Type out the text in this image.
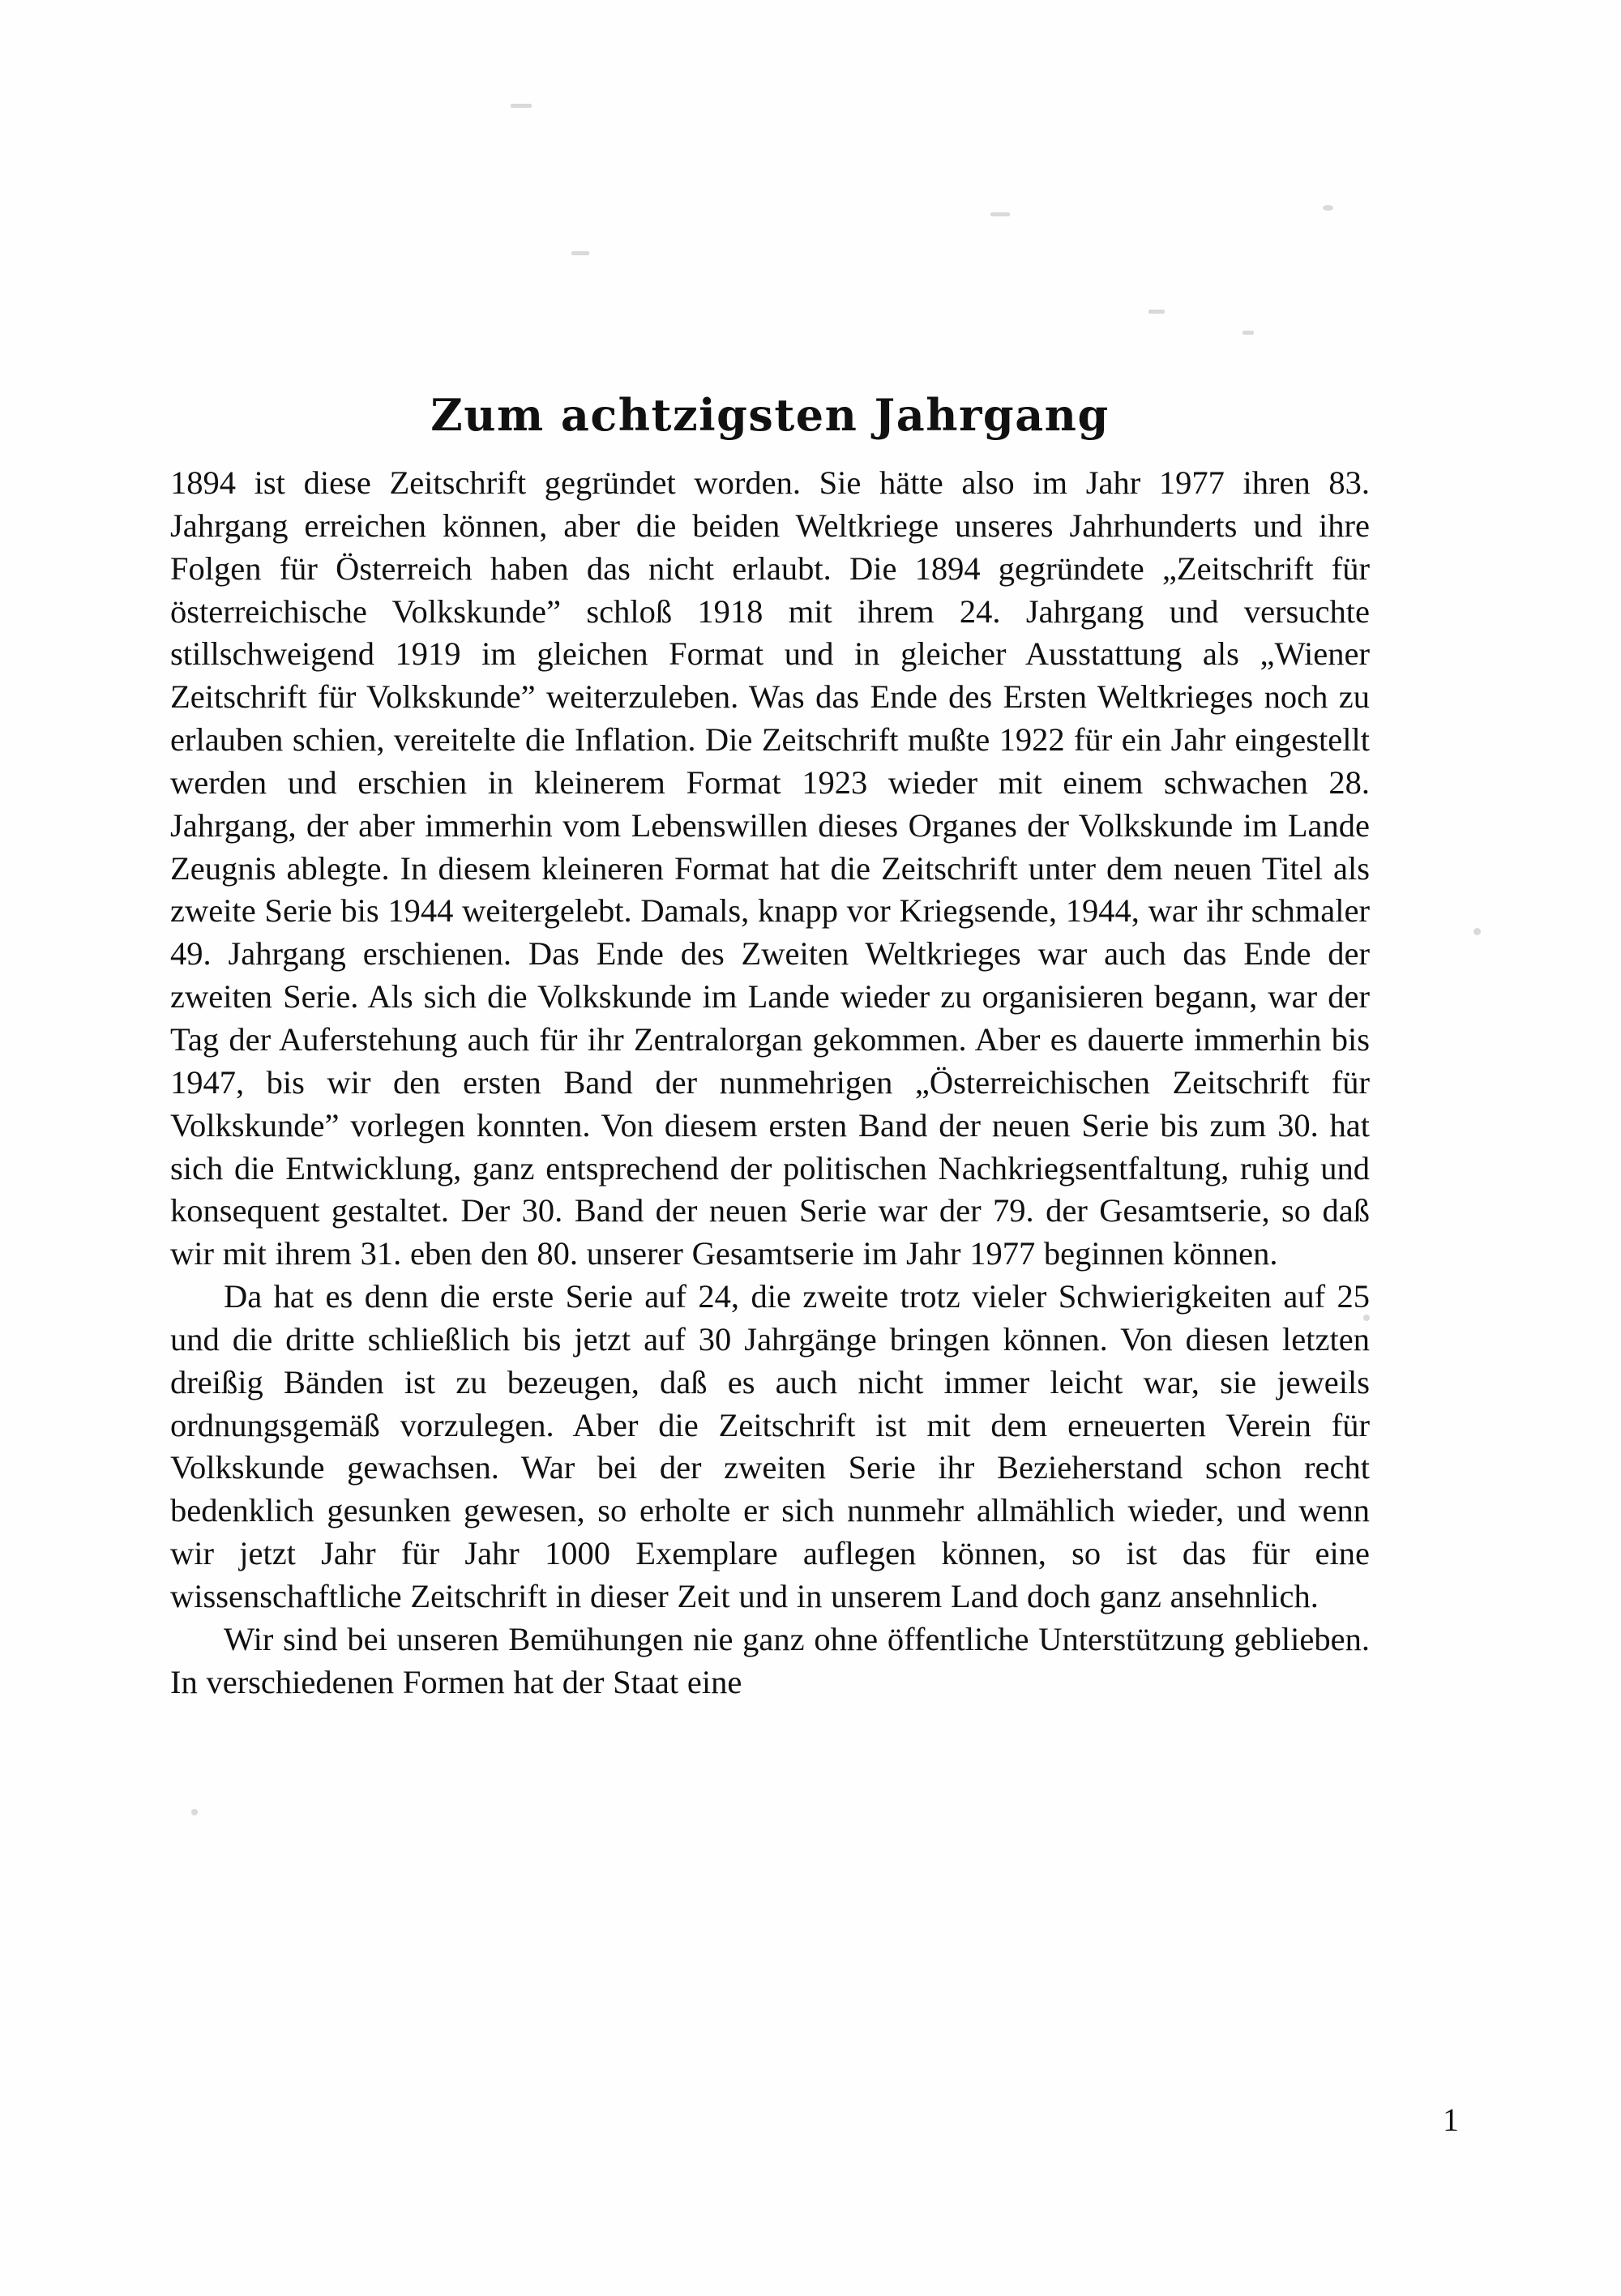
Zum achtzigsten Jahrgang

1894 ist diese Zeitschrift gegründet worden. Sie hätte also im Jahr 1977 ihren 83. Jahrgang erreichen können, aber die beiden Weltkriege unseres Jahrhunderts und ihre Folgen für Österreich haben das nicht erlaubt. Die 1894 gegründete „Zeitschrift für österreichische Volkskunde” schloß 1918 mit ihrem 24. Jahrgang und versuchte stillschweigend 1919 im gleichen Format und in gleicher Ausstattung als „Wiener Zeitschrift für Volkskunde” weiterzuleben. Was das Ende des Ersten Weltkrieges noch zu erlauben schien, vereitelte die Inflation. Die Zeitschrift mußte 1922 für ein Jahr eingestellt werden und erschien in kleinerem Format 1923 wieder mit einem schwachen 28. Jahrgang, der aber immerhin vom Lebenswillen dieses Organes der Volkskunde im Lande Zeugnis ablegte. In diesem kleineren Format hat die Zeitschrift unter dem neuen Titel als zweite Serie bis 1944 weitergelebt. Damals, knapp vor Kriegsende, 1944, war ihr schmaler 49. Jahrgang erschienen. Das Ende des Zweiten Weltkrieges war auch das Ende der zweiten Serie. Als sich die Volkskunde im Lande wieder zu organisieren begann, war der Tag der Auferstehung auch für ihr Zentralorgan gekommen. Aber es dauerte immerhin bis 1947, bis wir den ersten Band der nunmehrigen „Österreichischen Zeitschrift für Volkskunde” vorlegen konnten. Von diesem ersten Band der neuen Serie bis zum 30. hat sich die Entwicklung, ganz entsprechend der politischen Nachkriegsentfaltung, ruhig und konsequent gestaltet. Der 30. Band der neuen Serie war der 79. der Gesamtserie, so daß wir mit ihrem 31. eben den 80. unserer Gesamtserie im Jahr 1977 beginnen können.

Da hat es denn die erste Serie auf 24, die zweite trotz vieler Schwierigkeiten auf 25 und die dritte schließlich bis jetzt auf 30 Jahrgänge bringen können. Von diesen letzten dreißig Bänden ist zu bezeugen, daß es auch nicht immer leicht war, sie jeweils ordnungsgemäß vorzulegen. Aber die Zeitschrift ist mit dem erneuerten Verein für Volkskunde gewachsen. War bei der zweiten Serie ihr Bezieherstand schon recht bedenklich gesunken gewesen, so erholte er sich nunmehr allmählich wieder, und wenn wir jetzt Jahr für Jahr 1000 Exemplare auflegen können, so ist das für eine wissenschaftliche Zeitschrift in dieser Zeit und in unserem Land doch ganz ansehnlich.

Wir sind bei unseren Bemühungen nie ganz ohne öffentliche Unterstützung geblieben. In verschiedenen Formen hat der Staat eine

1
